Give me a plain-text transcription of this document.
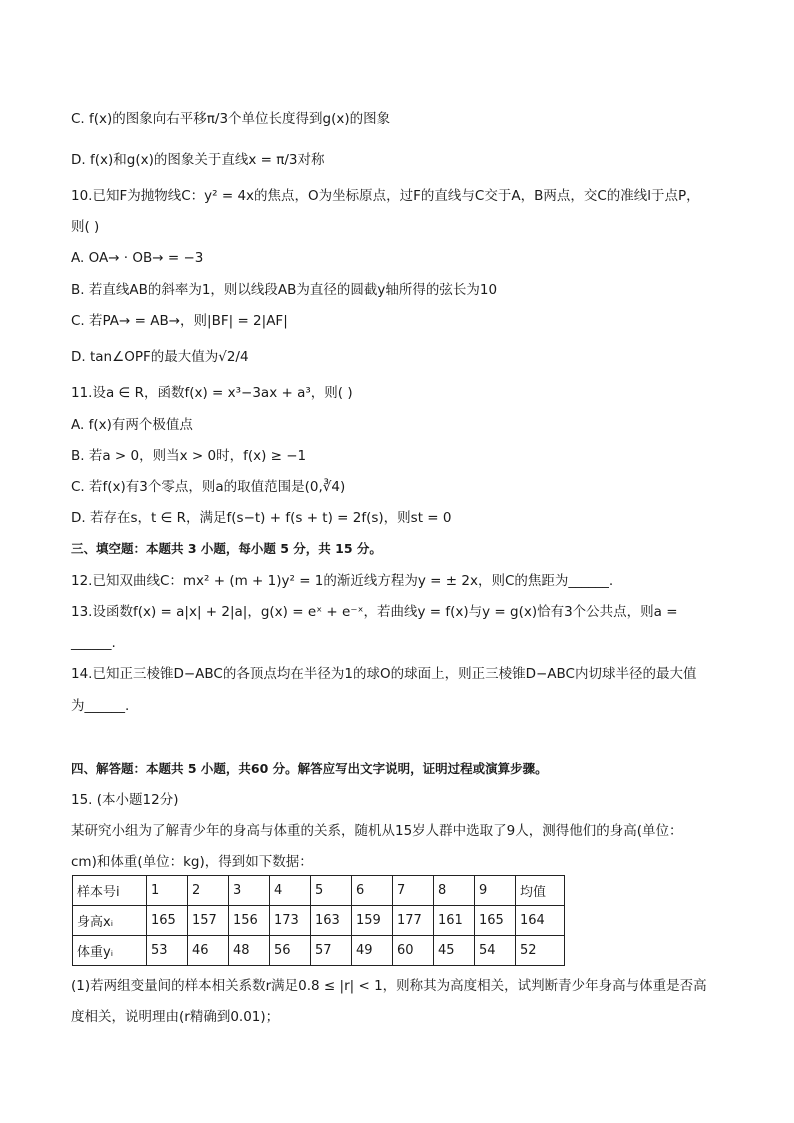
C. f(x)的图象向右平移π/3个单位长度得到g(x)的图象
D. f(x)和g(x)的图象关于直线x = π/3对称
10.已知F为抛物线C：y² = 4x的焦点，O为坐标原点，过F的直线与C交于A，B两点，交C的准线l于点P，
则( )
A. OA→ · OB→ = −3
B. 若直线AB的斜率为1，则以线段AB为直径的圆截y轴所得的弦长为10
C. 若PA→ = AB→，则|BF| = 2|AF|
D. tan∠OPF的最大值为√2/4
11.设a ∈ R，函数f(x) = x³−3ax + a³，则( )
A. f(x)有两个极值点
B. 若a > 0，则当x > 0时，f(x) ≥ −1
C. 若f(x)有3个零点，则a的取值范围是(0,∛4)
D. 若存在s，t ∈ R，满足f(s−t) + f(s + t) = 2f(s)，则st = 0
三、填空题：本题共 3 小题，每小题 5 分，共 15 分。
12.已知双曲线C：mx² + (m + 1)y² = 1的渐近线方程为y = ± 2x，则C的焦距为______.
13.设函数f(x) = a|x| + 2|a|，g(x) = eˣ + e⁻ˣ，若曲线y = f(x)与y = g(x)恰有3个公共点，则a =
______.
14.已知正三棱锥D−ABC的各顶点均在半径为1的球O的球面上，则正三棱锥D−ABC内切球半径的最大值
为______.
四、解答题：本题共 5 小题，共60 分。解答应写出文字说明，证明过程或演算步骤。
15. (本小题12分)
某研究小组为了解青少年的身高与体重的关系，随机从15岁人群中选取了9人，测得他们的身高(单位：
cm)和体重(单位：kg)，得到如下数据：
(1)若两组变量间的样本相关系数r满足0.8 ≤ |r| < 1，则称其为高度相关，试判断青少年身高与体重是否高
度相关，说明理由(r精确到0.01)；
样本号i	1	2	3	4	5	6	7	8	9	均值
身高xᵢ	165	157	156	173	163	159	177	161	165	164
体重yᵢ	53	46	48	56	57	49	60	45	54	52
